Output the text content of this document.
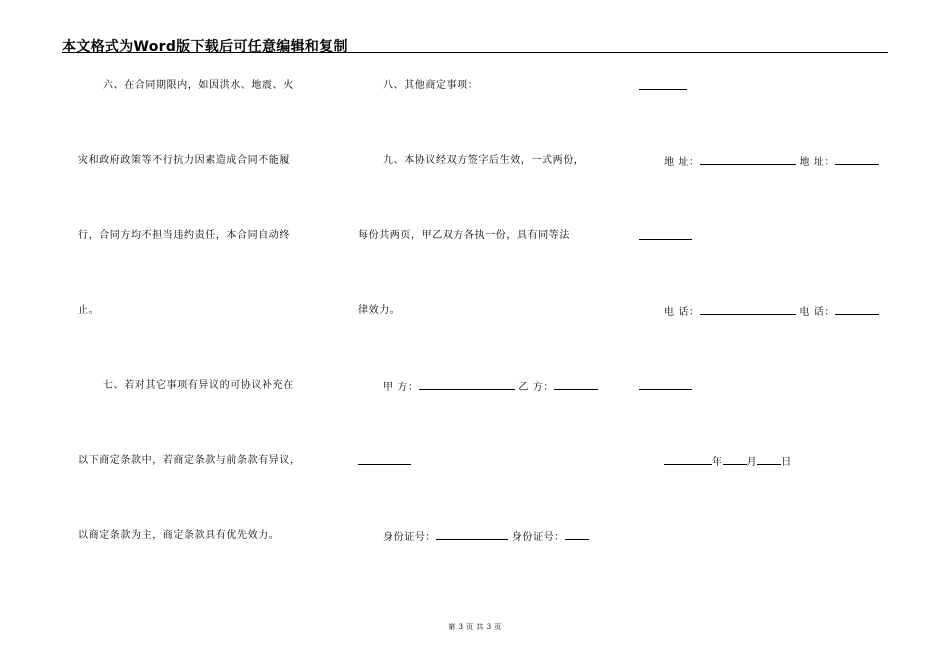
本文格式为Word版下载后可任意编辑和复制
六、在合同期限内，如因洪水、地震、火
灾和政府政策等不行抗力因素造成合同不能履
行，合同方均不担当违约责任，本合同自动终
止。
七、若对其它事项有异议的可协议补充在
以下商定条款中，若商定条款与前条款有异议，
以商定条款为主，商定条款具有优先效力。
八、其他商定事项：
九、本协议经双方签字后生效，一式两份，
每份共两页，甲乙双方各执一份，具有同等法
律效力。
甲 方：	乙 方：
身份证号：	身份证号：
地 址：	地 址：
电 话：	电 话：
年 月 日
第 3 页 共 3 页
